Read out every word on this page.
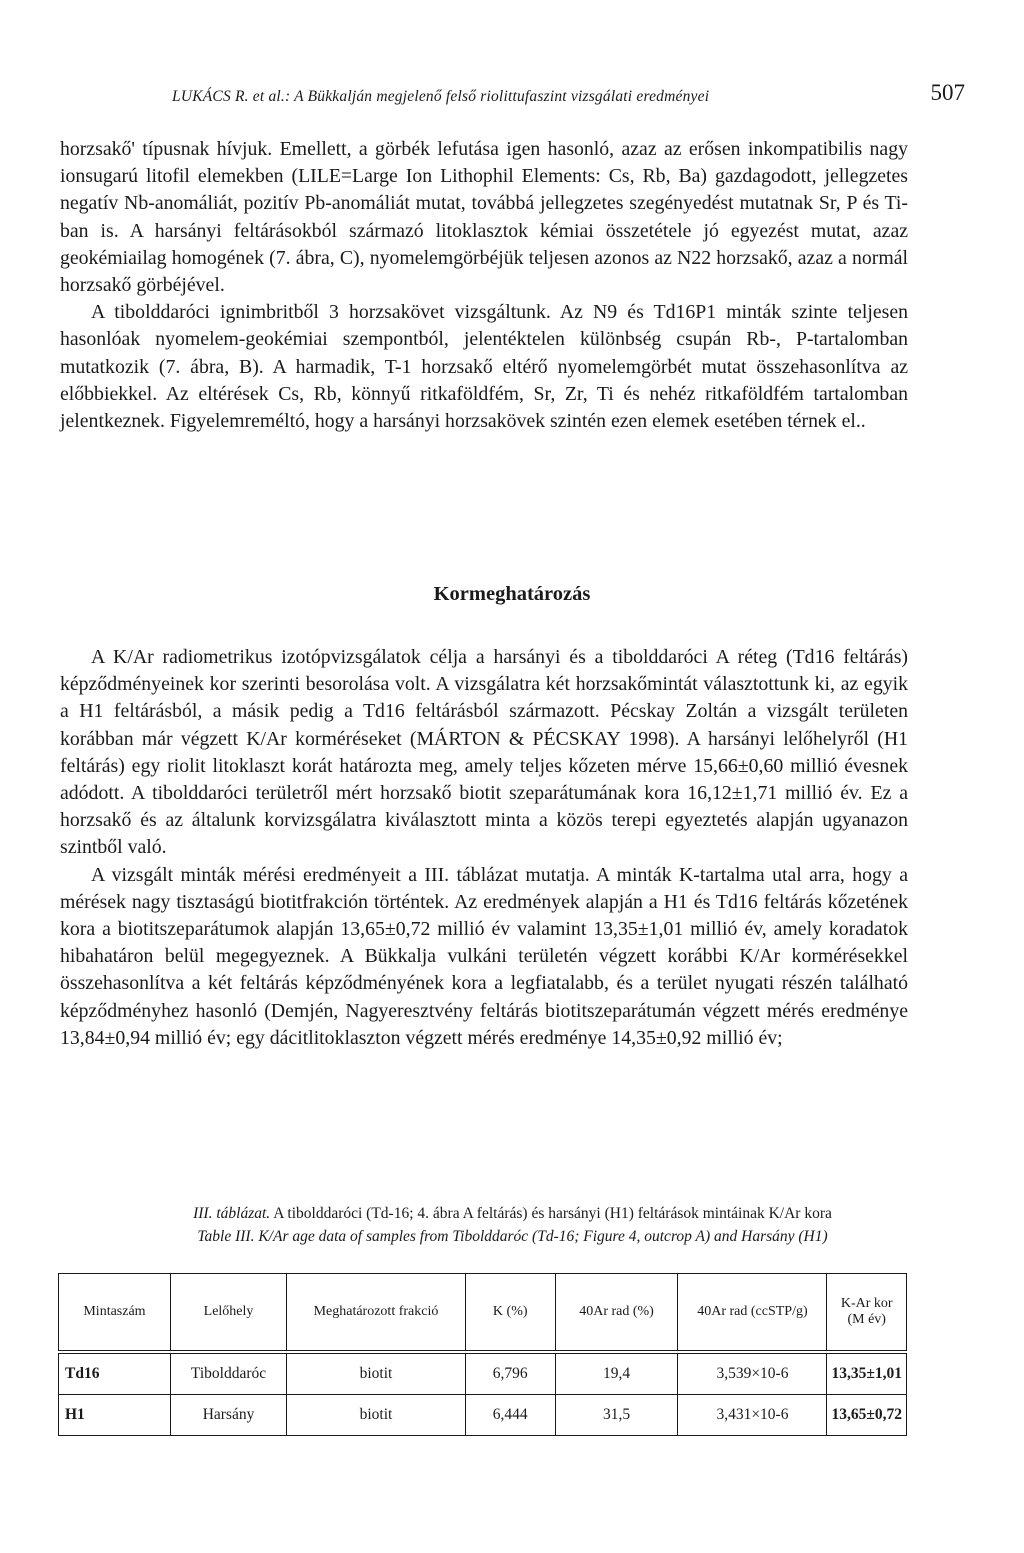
LUKÁCS R. et al.: A Bükkalján megjelenő felső riolittufaszint vizsgálati eredményei	507

horzsakő' típusnak hívjuk. Emellett, a görbék lefutása igen hasonló, azaz az erősen inkompatibilis nagy ionsugarú litofil elemekben (LILE=Large Ion Lithophil Elements: Cs, Rb, Ba) gazdagodott, jellegzetes negatív Nb-anomáliát, pozitív Pb-anomáliát mutat, továbbá jellegzetes szegényedést mutatnak Sr, P és Ti-ban is. A harsányi feltárásokból származó litoklasztok kémiai összetétele jó egyezést mutat, azaz geokémiailag homogének (7. ábra, C), nyomelemgörbéjük teljesen azonos az N22 horzsakő, azaz a normál horzsakő görbéjével.

A tibolddaróci ignimbritből 3 horzsakövet vizsgáltunk. Az N9 és Td16P1 minták szinte teljesen hasonlóak nyomelem-geokémiai szempontból, jelentéktelen különbség csupán Rb-, P-tartalomban mutatkozik (7. ábra, B). A harmadik, T-1 horzsakő eltérő nyomelemgörbét mutat összehasonlítva az előbbiekkel. Az eltérések Cs, Rb, könnyű ritkaföldfém, Sr, Zr, Ti és nehéz ritkaföldfém tartalomban jelentkeznek. Figyelemreméltó, hogy a harsányi horzsakövek szintén ezen elemek esetében térnek el..

Kormeghatározás

A K/Ar radiometrikus izotópvizsgálatok célja a harsányi és a tibolddaróci A réteg (Td16 feltárás) képződményeinek kor szerinti besorolása volt. A vizsgálatra két horzsakőmintát választottunk ki, az egyik a H1 feltárásból, a másik pedig a Td16 feltárásból származott. Pécskay Zoltán a vizsgált területen korábban már végzett K/Ar korméréseket (MÁRTON & PÉCSKAY 1998). A harsányi lelőhelyről (H1 feltárás) egy riolit litoklaszt korát határozta meg, amely teljes kőzeten mérve 15,66±0,60 millió évesnek adódott. A tibolddaróci területről mért horzsakő biotit szeparátumának kora 16,12±1,71 millió év. Ez a horzsakő és az általunk korvizsgálatra kiválasztott minta a közös terepi egyeztetés alapján ugyanazon szintből való.

A vizsgált minták mérési eredményeit a III. táblázat mutatja. A minták K-tartalma utal arra, hogy a mérések nagy tisztaságú biotitfrakción történtek. Az eredmények alapján a H1 és Td16 feltárás kőzetének kora a biotitszeparátumok alapján 13,65±0,72 millió év valamint 13,35±1,01 millió év, amely koradatok hibahatáron belül megegyeznek. A Bükkalja vulkáni területén végzett korábbi K/Ar kormérésekkel összehasonlítva a két feltárás képződményének kora a legfiatalabb, és a terület nyugati részén található képződményhez hasonló (Demjén, Nagyeresztvény feltárás biotitszeparátumán végzett mérés eredménye 13,84±0,94 millió év; egy dácitlitoklaszton végzett mérés eredménye 14,35±0,92 millió év;

III. táblázat. A tibolddaróci (Td-16; 4. ábra A feltárás) és harsányi (H1) feltárások mintáinak K/Ar kora
Table III. K/Ar age data of samples from Tibolddaróc (Td-16; Figure 4, outcrop A) and Harsány (H1)
Mintaszám	Lelőhely	Meghatározott frakció	K (%)	40Ar rad (%)	40Ar rad (ccSTP/g)	K-Ar kor (M év)
Td16	Tibolddaróc	biotit	6,796	19,4	3,539×10-6	13,35±1,01
H1	Harsány	biotit	6,444	31,5	3,431×10-6	13,65±0,72
